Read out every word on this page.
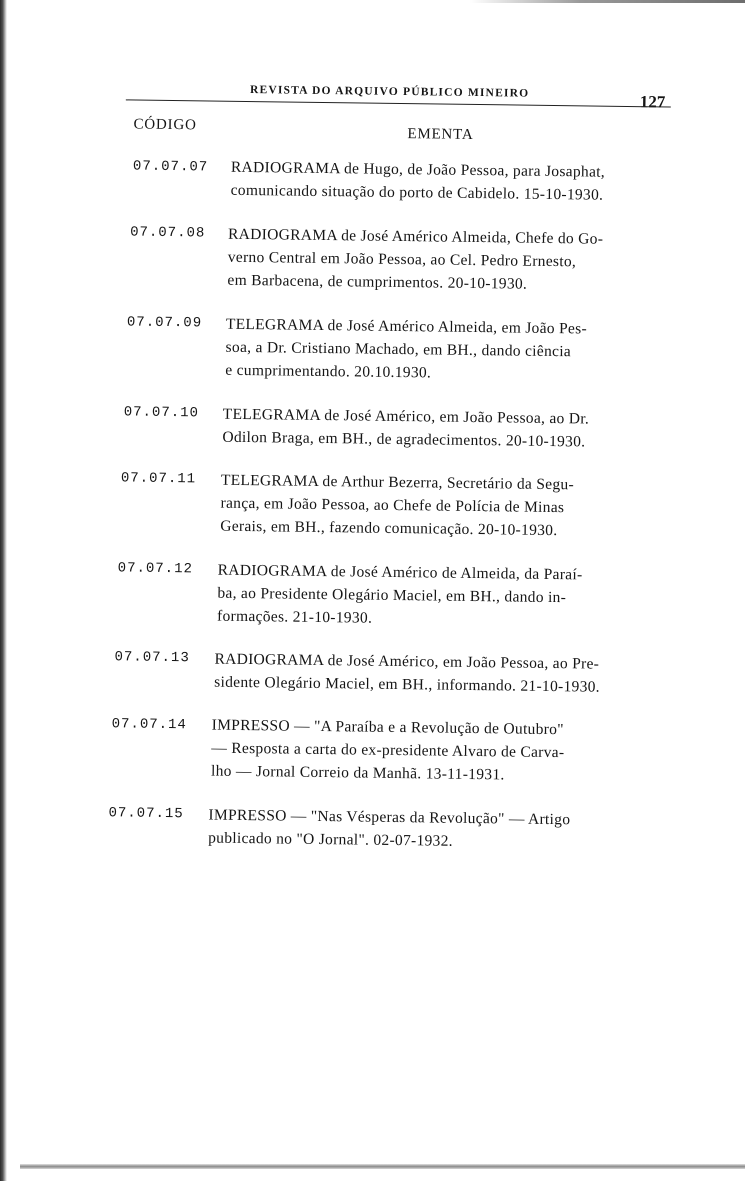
REVISTA DO ARQUIVO PÚBLICO MINEIRO
127
CÓDIGO
EMENTA
07.07.07 RADIOGRAMA de Hugo, de João Pessoa, para Josaphat,
comunicando situação do porto de Cabidelo. 15-10-1930.
07.07.08 RADIOGRAMA de José Américo Almeida, Chefe do Go-
verno Central em João Pessoa, ao Cel. Pedro Ernesto,
em Barbacena, de cumprimentos. 20-10-1930.
07.07.09 TELEGRAMA de José Américo Almeida, em João Pes-
soa, a Dr. Cristiano Machado, em BH., dando ciência
e cumprimentando. 20.10.1930.
07.07.10 TELEGRAMA de José Américo, em João Pessoa, ao Dr.
Odilon Braga, em BH., de agradecimentos. 20-10-1930.
07.07.11 TELEGRAMA de Arthur Bezerra, Secretário da Segu-
rança, em João Pessoa, ao Chefe de Polícia de Minas
Gerais, em BH., fazendo comunicação. 20-10-1930.
07.07.12 RADIOGRAMA de José Américo de Almeida, da Paraí-
ba, ao Presidente Olegário Maciel, em BH., dando in-
formações. 21-10-1930.
07.07.13 RADIOGRAMA de José Américo, em João Pessoa, ao Pre-
sidente Olegário Maciel, em BH., informando. 21-10-1930.
07.07.14 IMPRESSO — "A Paraíba e a Revolução de Outubro"
— Resposta a carta do ex-presidente Alvaro de Carva-
lho — Jornal Correio da Manhã. 13-11-1931.
07.07.15 IMPRESSO — "Nas Vésperas da Revolução" — Artigo
publicado no "O Jornal". 02-07-1932.
